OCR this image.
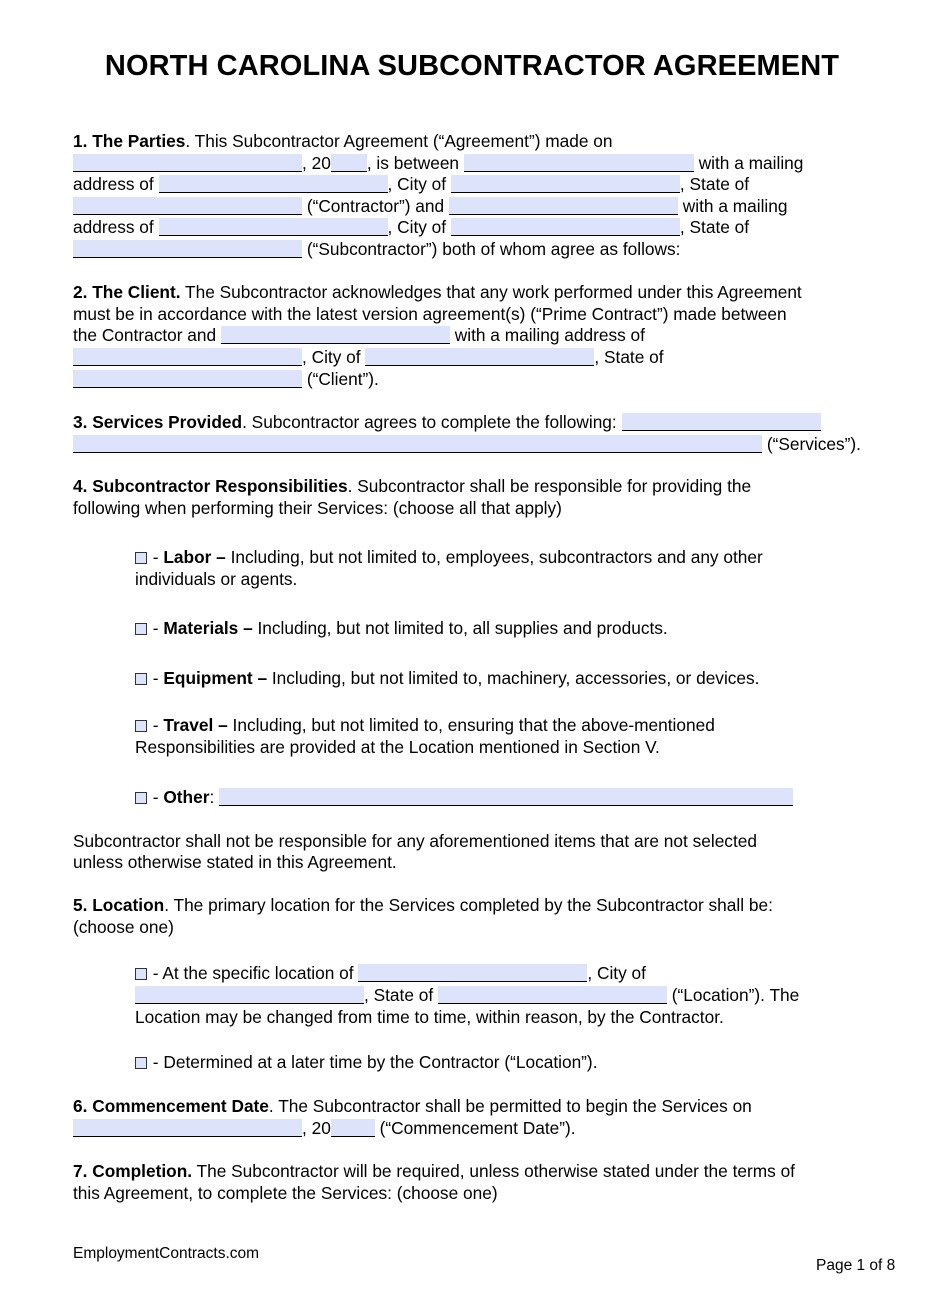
NORTH CAROLINA SUBCONTRACTOR AGREEMENT
1. The Parties. This Subcontractor Agreement (“Agreement”) made on
, 20 , is between	with a mailing
address of	, City of	, State of
(“Contractor”) and	with a mailing
address of	, City of	, State of
(“Subcontractor”) both of whom agree as follows:
2. The Client. The Subcontractor acknowledges that any work performed under this Agreement
must be in accordance with the latest version agreement(s) (“Prime Contract”) made between
the Contractor and	with a mailing address of
, City of	, State of
(“Client”).
3. Services Provided. Subcontractor agrees to complete the following:
(“Services”).
4. Subcontractor Responsibilities. Subcontractor shall be responsible for providing the
following when performing their Services: (choose all that apply)
- Labor – Including, but not limited to, employees, subcontractors and any other
individuals or agents.
- Materials – Including, but not limited to, all supplies and products.
- Equipment – Including, but not limited to, machinery, accessories, or devices.
- Travel – Including, but not limited to, ensuring that the above-mentioned
Responsibilities are provided at the Location mentioned in Section V.
- Other:
Subcontractor shall not be responsible for any aforementioned items that are not selected
unless otherwise stated in this Agreement.
5. Location. The primary location for the Services completed by the Subcontractor shall be:
(choose one)
- At the specific location of	, City of
, State of	(“Location”). The
Location may be changed from time to time, within reason, by the Contractor.
- Determined at a later time by the Contractor (“Location”).
6. Commencement Date. The Subcontractor shall be permitted to begin the Services on
, 20	(“Commencement Date”).
7. Completion. The Subcontractor will be required, unless otherwise stated under the terms of
this Agreement, to complete the Services: (choose one)
EmploymentContracts.com
Page 1 of 8
